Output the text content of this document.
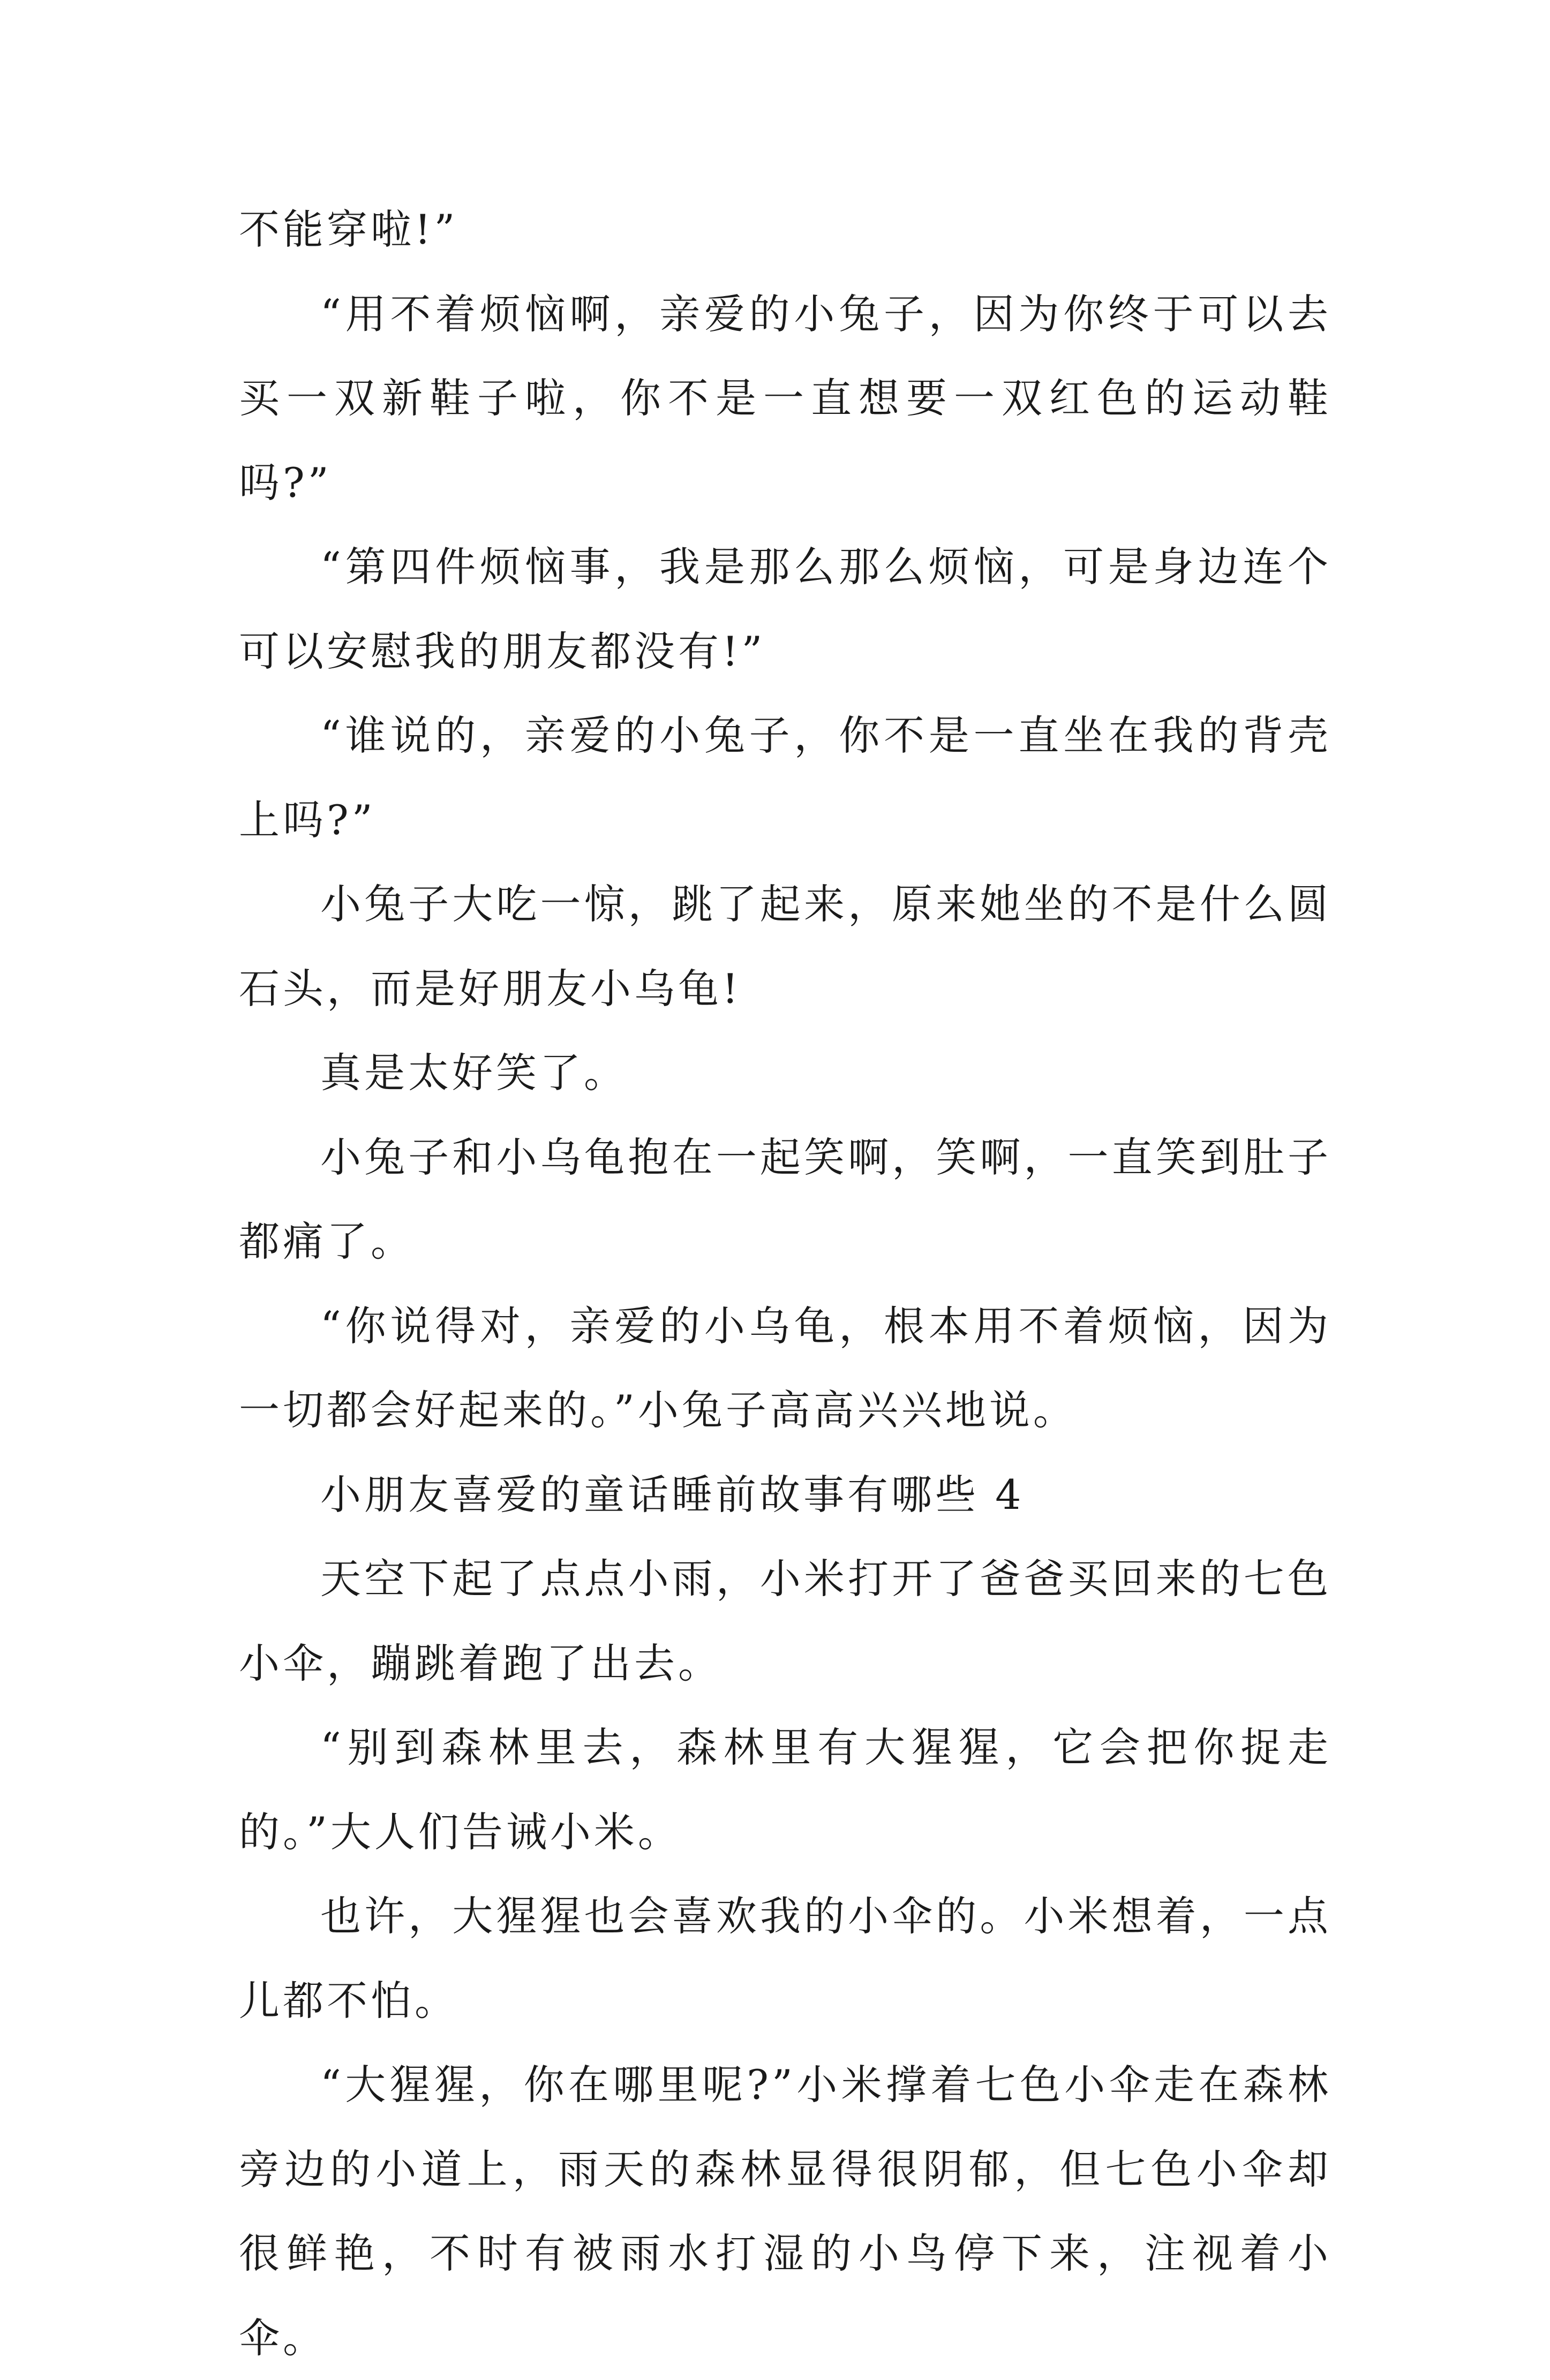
不能穿啦!”

“用不着烦恼啊，亲爱的小兔子，因为你终于可以去买一双新鞋子啦，你不是一直想要一双红色的运动鞋吗?”

“第四件烦恼事，我是那么那么烦恼，可是身边连个可以安慰我的朋友都没有!”

“谁说的，亲爱的小兔子，你不是一直坐在我的背壳上吗?”

小兔子大吃一惊，跳了起来，原来她坐的不是什么圆石头，而是好朋友小乌龟!

真是太好笑了。

小兔子和小乌龟抱在一起笑啊，笑啊，一直笑到肚子都痛了。

“你说得对，亲爱的小乌龟，根本用不着烦恼，因为一切都会好起来的。”小兔子高高兴兴地说。

小朋友喜爱的童话睡前故事有哪些 4

天空下起了点点小雨，小米打开了爸爸买回来的七色小伞，蹦跳着跑了出去。

“别到森林里去，森林里有大猩猩，它会把你捉走的。”大人们告诫小米。

也许，大猩猩也会喜欢我的小伞的。小米想着，一点儿都不怕。

“大猩猩，你在哪里呢?”小米撑着七色小伞走在森林旁边的小道上，雨天的森林显得很阴郁，但七色小伞却很鲜艳，不时有被雨水打湿的小鸟停下来，注视着小伞。
